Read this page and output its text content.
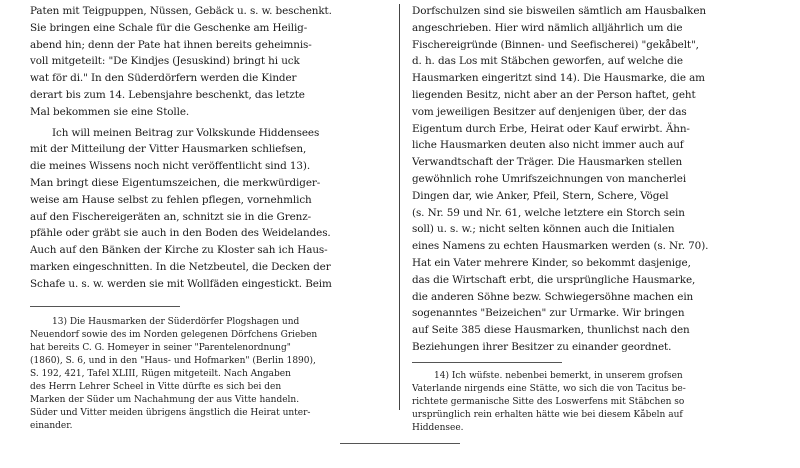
Paten mit Teigpuppen, Nüssen, Gebäck u. s. w. beschenkt.
Sie bringen eine Schale für die Geschenke am Heilig-
abend hin; denn der Pate hat ihnen bereits geheimnis-
voll mitgeteilt: "De Kindjes (Jesuskind) bringt hi uck
wat för di." In den Süderdörfern werden die Kinder
derart bis zum 14. Lebensjahre beschenkt, das letzte
Mal bekommen sie eine Stolle.
Ich will meinen Beitrag zur Volkskunde Hiddensees
mit der Mitteilung der Vitter Hausmarken schliefsen,
die meines Wissens noch nicht veröffentlicht sind 13).
Man bringt diese Eigentumszeichen, die merkwürdiger-
weise am Hause selbst zu fehlen pflegen, vornehmlich
auf den Fischereigeräten an, schnitzt sie in die Grenz-
pfähle oder gräbt sie auch in den Boden des Weidelandes.
Auch auf den Bänken der Kirche zu Kloster sah ich Haus-
marken eingeschnitten. In die Netzbeutel, die Decken der
Schafe u. s. w. werden sie mit Wollfäden eingestickt. Beim
13) Die Hausmarken der Süderdörfer Plogshagen und
Neuendorf sowie des im Norden gelegenen Dörfchens Grieben
hat bereits C. G. Homeyer in seiner "Parentelenordnung"
(1860), S. 6, und in den "Haus- und Hofmarken" (Berlin 1890),
S. 192, 421, Tafel XLIII, Rügen mitgeteilt. Nach Angaben
des Herrn Lehrer Scheel in Vitte dürfte es sich bei den
Marken der Süder um Nachahmung der aus Vitte handeln.
Süder und Vitter meiden übrigens ängstlich die Heirat unter-
einander.
Dorfschulzen sind sie bisweilen sämtlich am Hausbalken
angeschrieben. Hier wird nämlich alljährlich um die
Fischereigründe (Binnen- und Seefischerei) "gekåbelt",
d. h. das Los mit Stäbchen geworfen, auf welche die
Hausmarken eingeritzt sind 14). Die Hausmarke, die am
liegenden Besitz, nicht aber an der Person haftet, geht
vom jeweiligen Besitzer auf denjenigen über, der das
Eigentum durch Erbe, Heirat oder Kauf erwirbt. Ähn-
liche Hausmarken deuten also nicht immer auch auf
Verwandtschaft der Träger. Die Hausmarken stellen
gewöhnlich rohe Umrifszeichnungen von mancherlei
Dingen dar, wie Anker, Pfeil, Stern, Schere, Vögel
(s. Nr. 59 und Nr. 61, welche letztere ein Storch sein
soll) u. s. w.; nicht selten können auch die Initialen
eines Namens zu echten Hausmarken werden (s. Nr. 70).
Hat ein Vater mehrere Kinder, so bekommt dasjenige,
das die Wirtschaft erbt, die ursprüngliche Hausmarke,
die anderen Söhne bezw. Schwiegersöhne machen ein
sogenanntes "Beizeichen" zur Urmarke. Wir bringen
auf Seite 385 diese Hausmarken, thunlichst nach den
Beziehungen ihrer Besitzer zu einander geordnet.
14) Ich wüfste. nebenbei bemerkt, in unserem grofsen
Vaterlande nirgends eine Stätte, wo sich die von Tacitus be-
richtete germanische Sitte des Loswerfens mit Stäbchen so
ursprünglich rein erhalten hätte wie bei diesem Kåbeln auf
Hiddensee.
